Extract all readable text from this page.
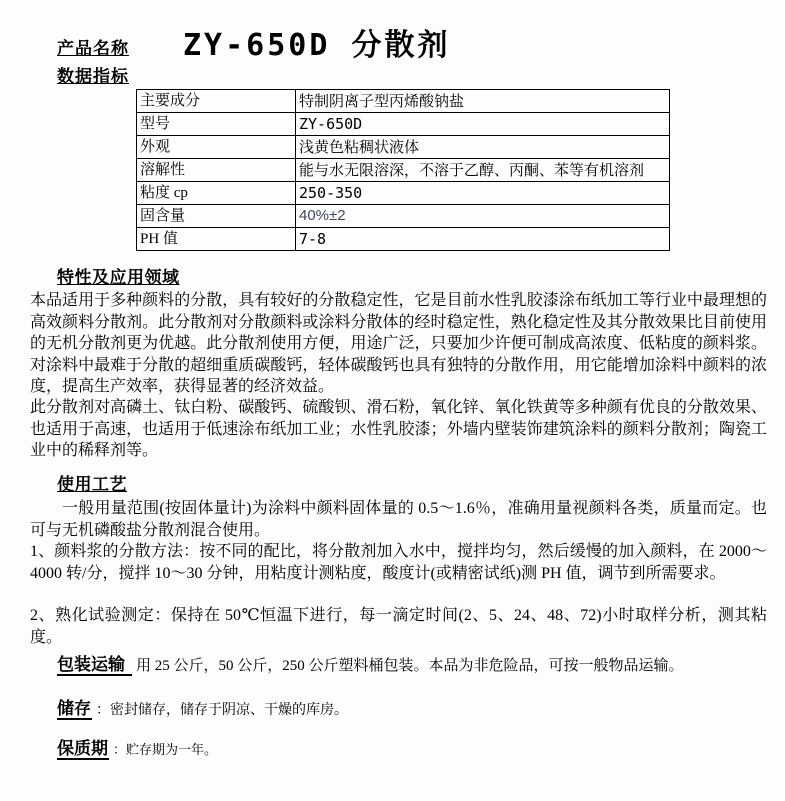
产品名称 ZY-650D 分散剂
数据指标
主要成分	特制阴离子型丙烯酸钠盐
型号	ZY-650D
外观	浅黄色粘稠状液体
溶解性	能与水无限溶深，不溶于乙醇、丙酮、苯等有机溶剂
粘度 cp	250-350
固含量	40%±2
PH 值	7-8
特性及应用领域
本品适用于多种颜料的分散，具有较好的分散稳定性，它是目前水性乳胶漆涂布纸加工等行业中最理想的高效颜料分散剂。此分散剂对分散颜料或涂料分散体的经时稳定性，熟化稳定性及其分散效果比目前使用的无机分散剂更为优越。此分散剂使用方便，用途广泛，只要加少许便可制成高浓度、低粘度的颜料浆。对涂料中最难于分散的超细重质碳酸钙，轻体碳酸钙也具有独特的分散作用，用它能增加涂料中颜料的浓度，提高生产效率，获得显著的经济效益。
此分散剂对高磷土、钛白粉、碳酸钙、硫酸钡、滑石粉，氧化锌、氧化铁黄等多种颜有优良的分散效果、也适用于高速，也适用于低速涂布纸加工业；水性乳胶漆；外墙内壁装饰建筑涂料的颜料分散剂；陶瓷工业中的稀释剂等。
使用工艺
一般用量范围(按固体量计)为涂料中颜料固体量的 0.5～1.6％，准确用量视颜料各类，质量而定。也可与无机磷酸盐分散剂混合使用。
1、颜料浆的分散方法：按不同的配比，将分散剂加入水中，搅拌均匀，然后缓慢的加入颜料，在 2000～4000 转/分，搅拌 10～30 分钟，用粘度计测粘度，酸度计(或精密试纸)测 PH 值，调节到所需要求。
2、熟化试验测定：保持在 50℃恒温下进行，每一滴定时间(2、5、24、48、72)小时取样分析，测其粘度。
包装运输 用 25 公斤，50 公斤，250 公斤塑料桶包装。本品为非危险品，可按一般物品运输。
储存 ：密封储存，储存于阴凉、干燥的库房。
保质期 ：贮存期为一年。
